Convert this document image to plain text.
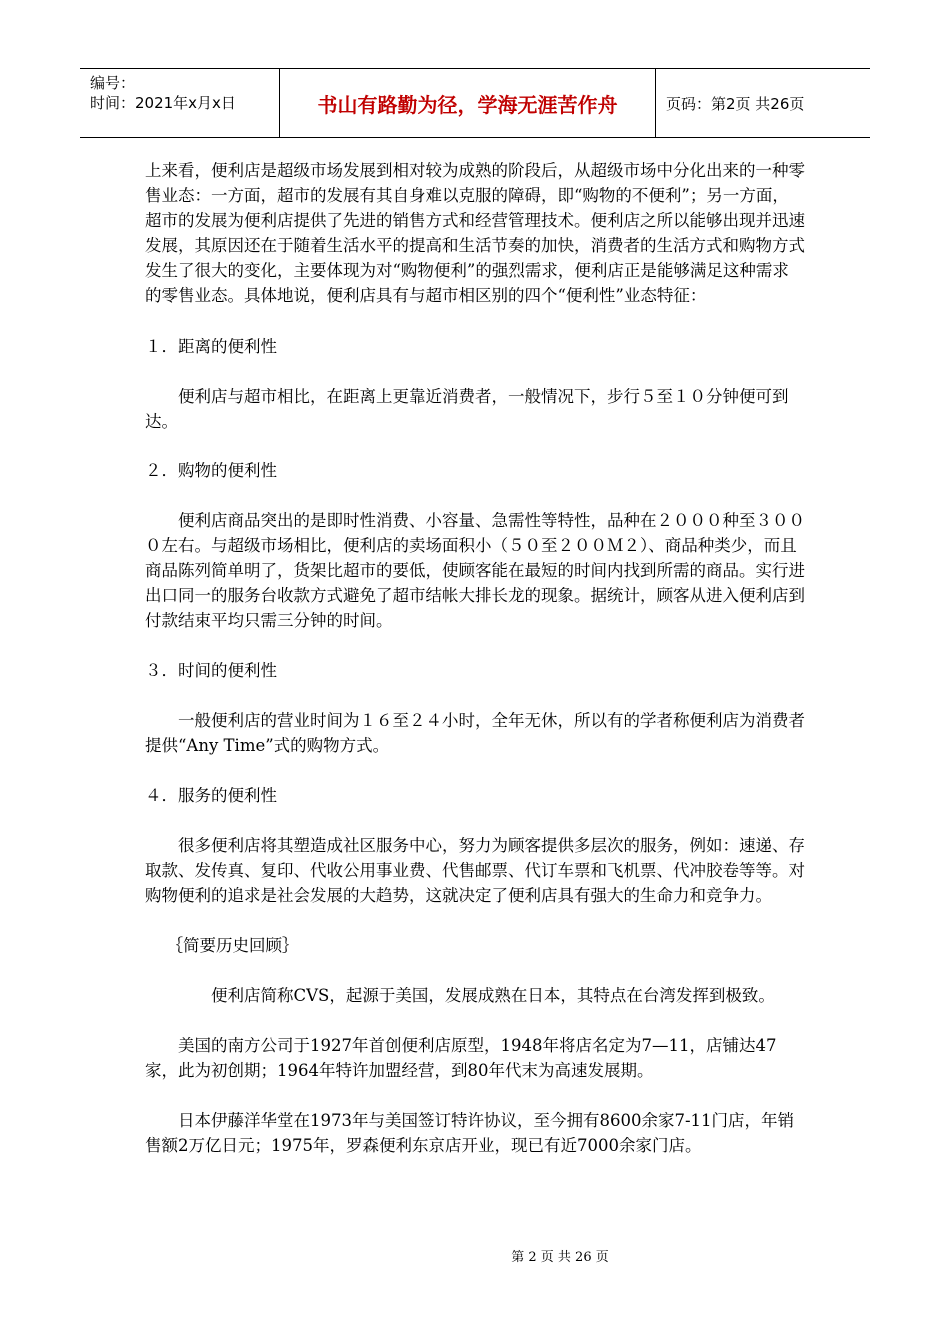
编号：
时间：2021年x月x日	书山有路勤为径，学海无涯苦作舟	页码：第2页 共26页

上来看，便利店是超级市场发展到相对较为成熟的阶段后，从超级市场中分化出来的一种零售业态：一方面，超市的发展有其自身难以克服的障碍，即“购物的不便利”；另一方面，超市的发展为便利店提供了先进的销售方式和经营管理技术。便利店之所以能够出现并迅速发展，其原因还在于随着生活水平的提高和生活节奏的加快，消费者的生活方式和购物方式发生了很大的变化，主要体现为对“购物便利”的强烈需求，便利店正是能够满足这种需求的零售业态。具体地说，便利店具有与超市相区别的四个“便利性”业态特征：

１．距离的便利性

便利店与超市相比，在距离上更靠近消费者，一般情况下，步行５至１０分钟便可到达。

２．购物的便利性

便利店商品突出的是即时性消费、小容量、急需性等特性，品种在２０００种至３０００左右。与超级市场相比，便利店的卖场面积小（５０至２００Ｍ２）、商品种类少，而且商品陈列简单明了，货架比超市的要低，使顾客能在最短的时间内找到所需的商品。实行进出口同一的服务台收款方式避免了超市结帐大排长龙的现象。据统计，顾客从进入便利店到付款结束平均只需三分钟的时间。

３．时间的便利性

一般便利店的营业时间为１６至２４小时，全年无休，所以有的学者称便利店为消费者提供“Any Time”式的购物方式。

４．服务的便利性

很多便利店将其塑造成社区服务中心，努力为顾客提供多层次的服务，例如：速递、存取款、发传真、复印、代收公用事业费、代售邮票、代订车票和飞机票、代冲胶卷等等。对购物便利的追求是社会发展的大趋势，这就决定了便利店具有强大的生命力和竞争力。

｛简要历史回顾｝

便利店简称CVS，起源于美国，发展成熟在日本，其特点在台湾发挥到极致。

美国的南方公司于1927年首创便利店原型，1948年将店名定为7—11，店铺达47家，此为初创期；1964年特许加盟经营，到80年代末为高速发展期。

日本伊藤洋华堂在1973年与美国签订特许协议，至今拥有8600余家7-11门店，年销售额2万亿日元；1975年，罗森便利东京店开业，现已有近7000余家门店。

第 2 页 共 26 页
